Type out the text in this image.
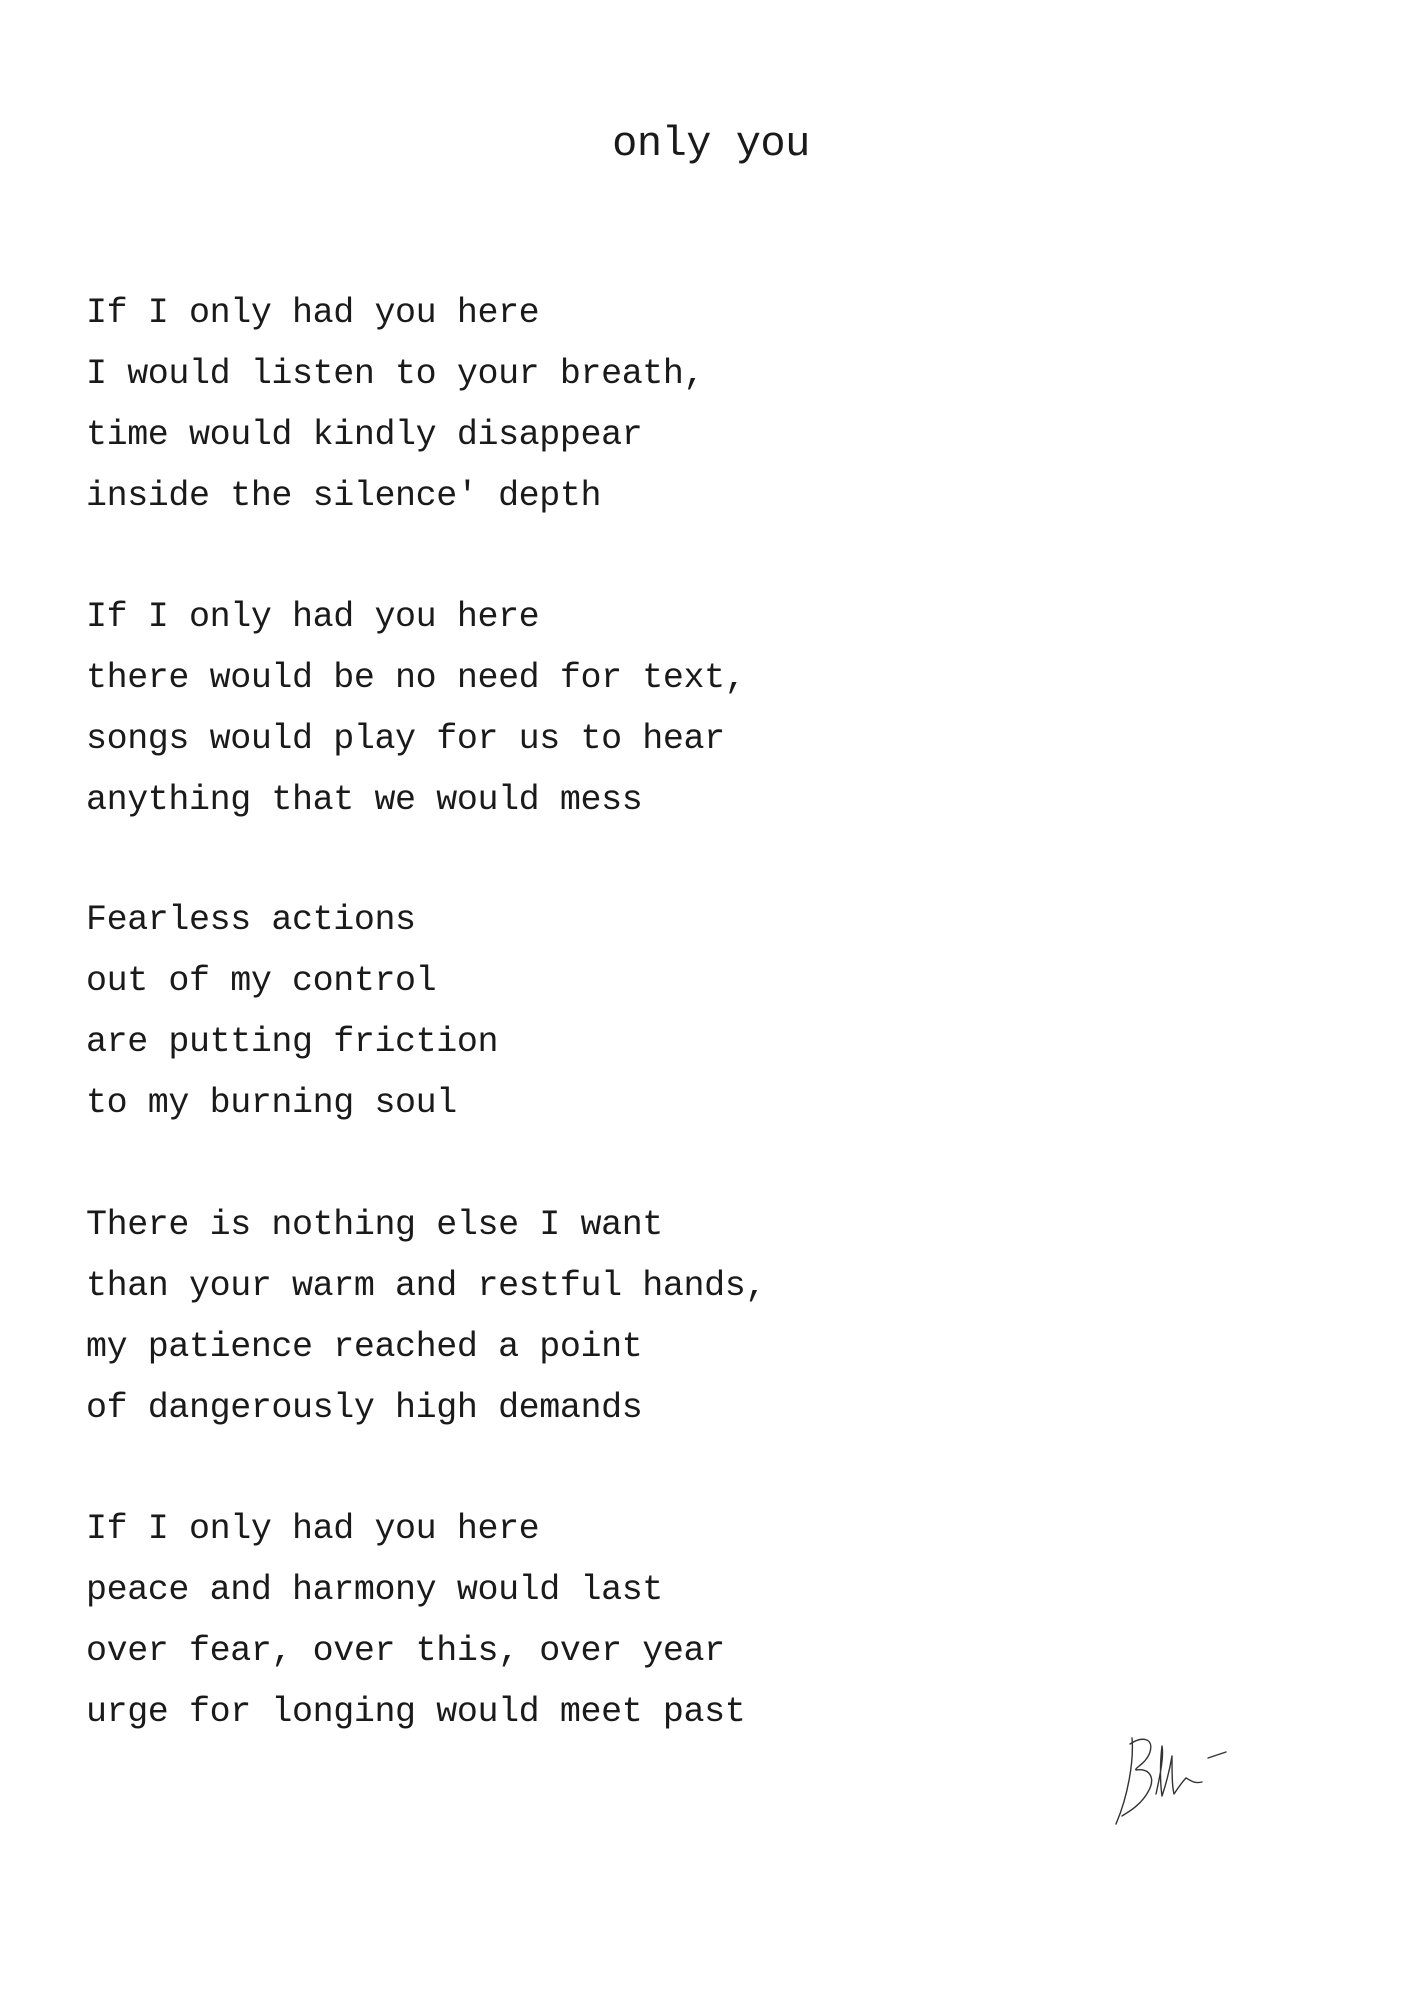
only you
If I only had you here
I would listen to your breath,
time would kindly disappear
inside the silence' depth
If I only had you here
there would be no need for text,
songs would play for us to hear
anything that we would mess
Fearless actions
out of my control
are putting friction
to my burning soul
There is nothing else I want
than your warm and restful hands,
my patience reached a point
of dangerously high demands
If I only had you here
peace and harmony would last
over fear, over this, over year
urge for longing would meet past
